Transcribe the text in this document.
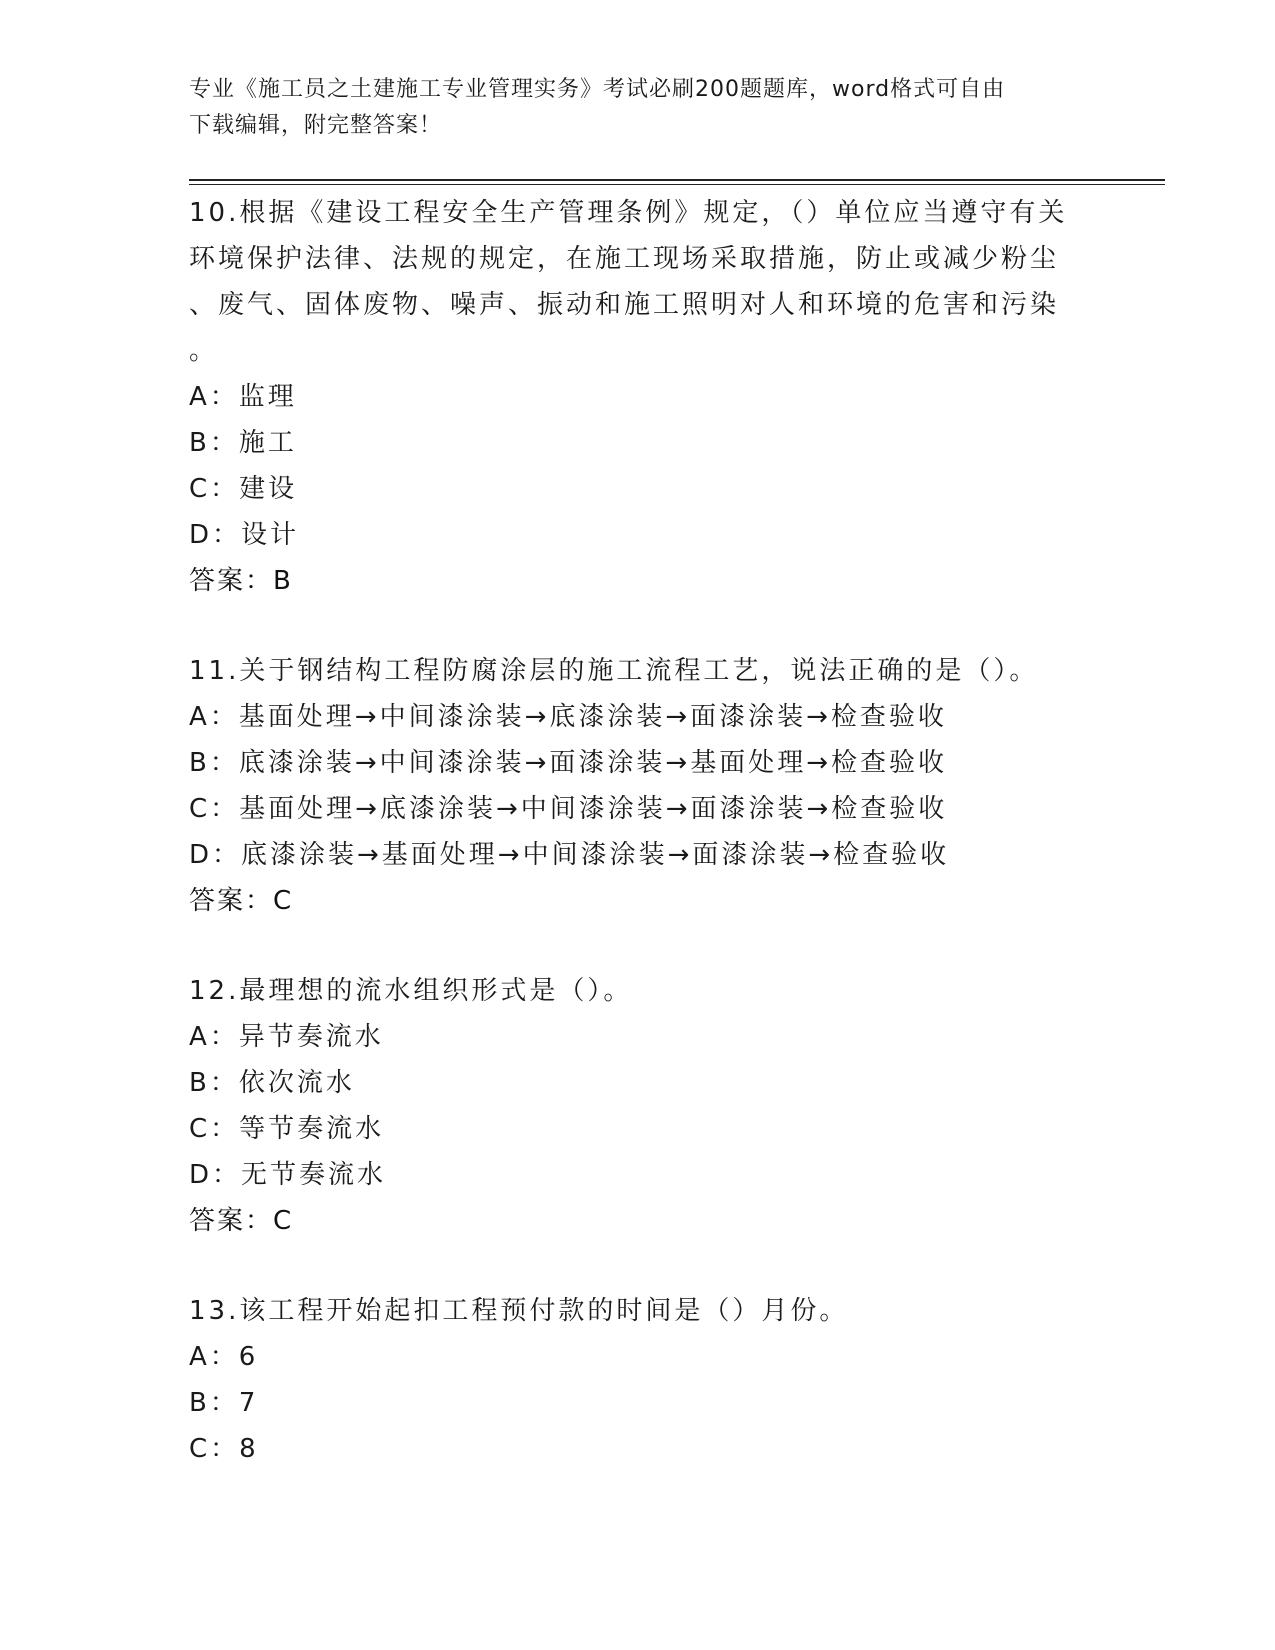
专业《施工员之土建施工专业管理实务》考试必刷200题题库，word格式可自由
下载编辑，附完整答案！
10.根据《建设工程安全生产管理条例》规定，（）单位应当遵守有关
环境保护法律、法规的规定，在施工现场采取措施，防止或减少粉尘
、废气、固体废物、噪声、振动和施工照明对人和环境的危害和污染
。
A：监理
B：施工
C：建设
D：设计
答案：B
11.关于钢结构工程防腐涂层的施工流程工艺，说法正确的是（）。
A：基面处理→中间漆涂装→底漆涂装→面漆涂装→检查验收
B：底漆涂装→中间漆涂装→面漆涂装→基面处理→检查验收
C：基面处理→底漆涂装→中间漆涂装→面漆涂装→检查验收
D：底漆涂装→基面处理→中间漆涂装→面漆涂装→检查验收
答案：C
12.最理想的流水组织形式是（）。
A：异节奏流水
B：依次流水
C：等节奏流水
D：无节奏流水
答案：C
13.该工程开始起扣工程预付款的时间是（）月份。
A：6
B：7
C：8
